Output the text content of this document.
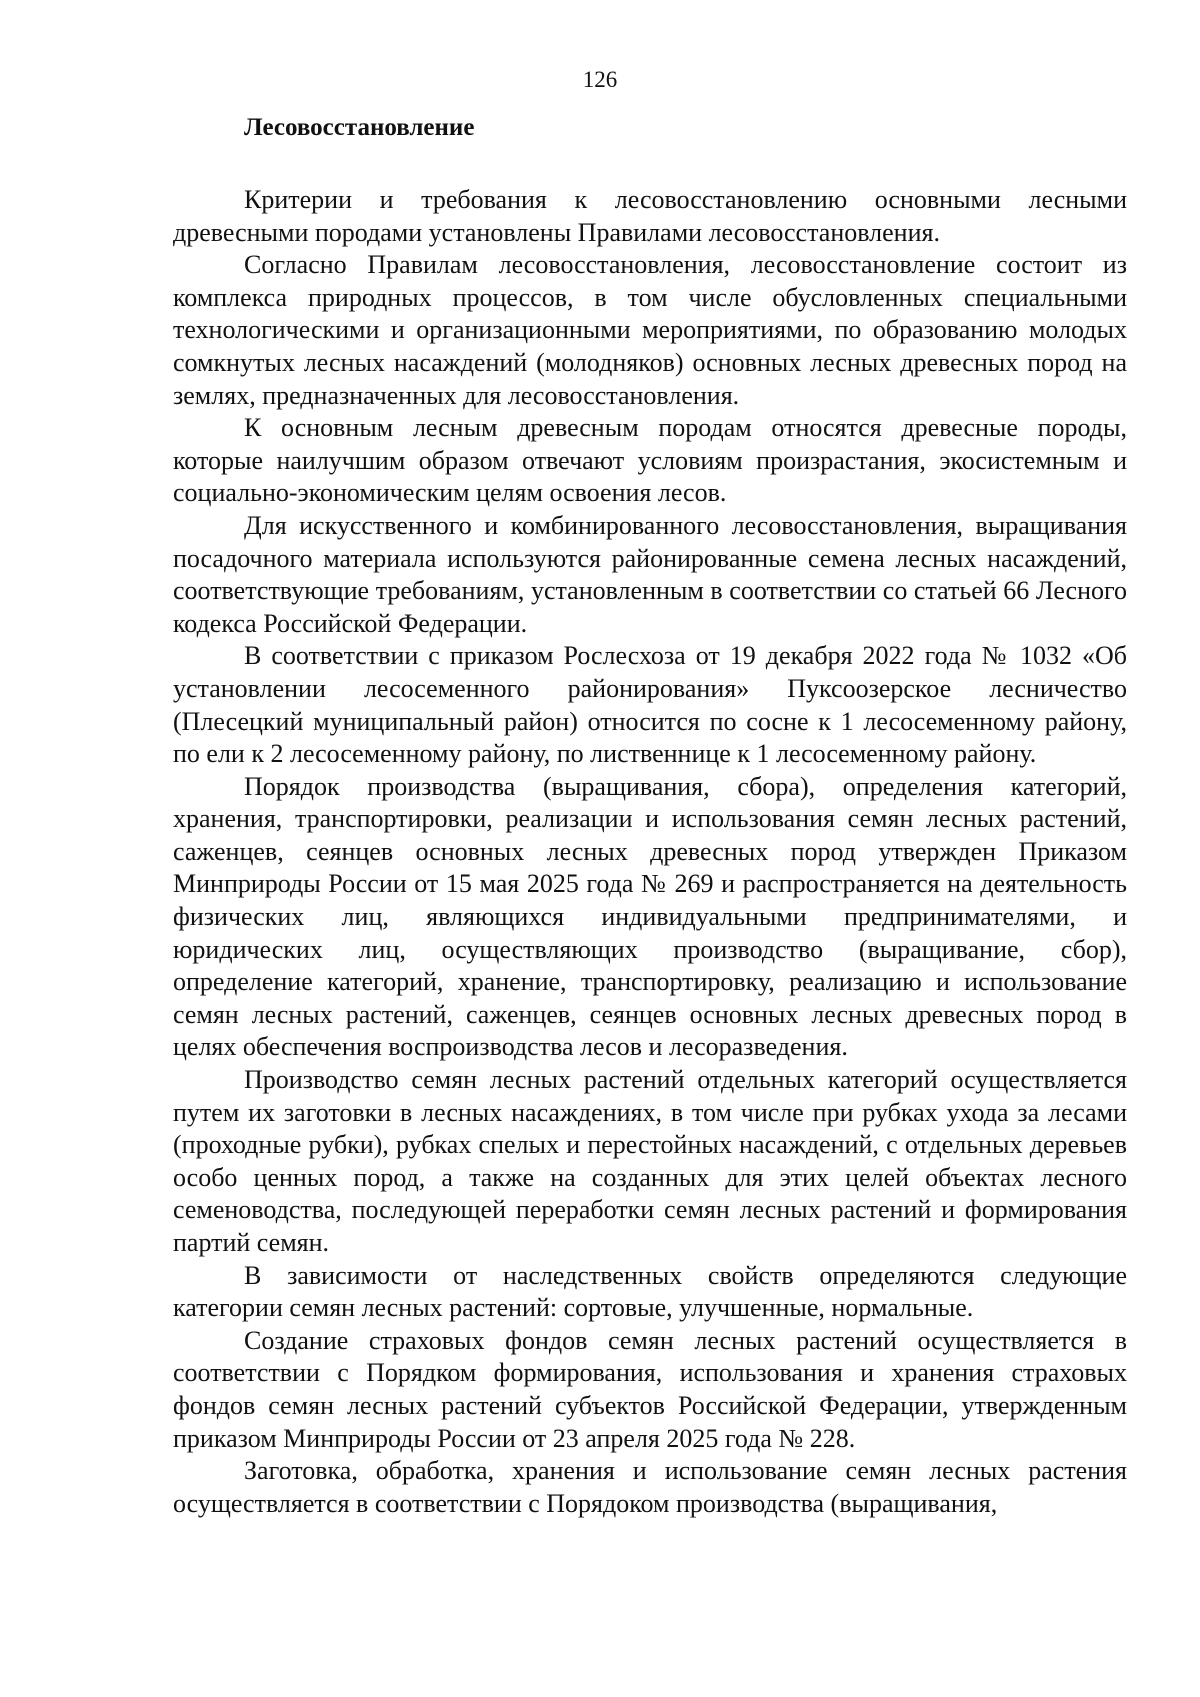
126
Лесовосстановление

Критерии и требования к лесовосстановлению основными лесными древесными породами установлены Правилами лесовосстановления.

Согласно Правилам лесовосстановления, лесовосстановление состоит из комплекса природных процессов, в том числе обусловленных специальными технологическими и организационными мероприятиями, по образованию молодых сомкнутых лесных насаждений (молодняков) основных лесных древесных пород на землях, предназначенных для лесовосстановления.

К основным лесным древесным породам относятся древесные породы, которые наилучшим образом отвечают условиям произрастания, экосистемным и социально-экономическим целям освоения лесов.

Для искусственного и комбинированного лесовосстановления, выращивания посадочного материала используются районированные семена лесных насаждений, соответствующие требованиям, установленным в соответствии со статьей 66 Лесного кодекса Российской Федерации.

В соответствии с приказом Рослесхоза от 19 декабря 2022 года № 1032 «Об установлении лесосеменного районирования» Пуксоозерское лесничество (Плесецкий муниципальный район) относится по сосне к 1 лесосеменному району, по ели к 2 лесосеменному району, по лиственнице к 1 лесосеменному району.

Порядок производства (выращивания, сбора), определения категорий, хранения, транспортировки, реализации и использования семян лесных растений, саженцев, сеянцев основных лесных древесных пород утвержден Приказом Минприроды России от 15 мая 2025 года № 269 и распространяется на деятельность физических лиц, являющихся индивидуальными предпринимателями, и юридических лиц, осуществляющих производство (выращивание, сбор), определение категорий, хранение, транспортировку, реализацию и использование семян лесных растений, саженцев, сеянцев основных лесных древесных пород в целях обеспечения воспроизводства лесов и лесоразведения.

Производство семян лесных растений отдельных категорий осуществляется путем их заготовки в лесных насаждениях, в том числе при рубках ухода за лесами (проходные рубки), рубках спелых и перестойных насаждений, с отдельных деревьев особо ценных пород, а также на созданных для этих целей объектах лесного семеноводства, последующей переработки семян лесных растений и формирования партий семян.

В зависимости от наследственных свойств определяются следующие категории семян лесных растений: сортовые, улучшенные, нормальные.

Создание страховых фондов семян лесных растений осуществляется в соответствии с Порядком формирования, использования и хранения страховых фондов семян лесных растений субъектов Российской Федерации, утвержденным приказом Минприроды России от 23 апреля 2025 года № 228.

Заготовка, обработка, хранения и использование семян лесных растения осуществляется в соответствии с Порядоком производства (выращивания,
